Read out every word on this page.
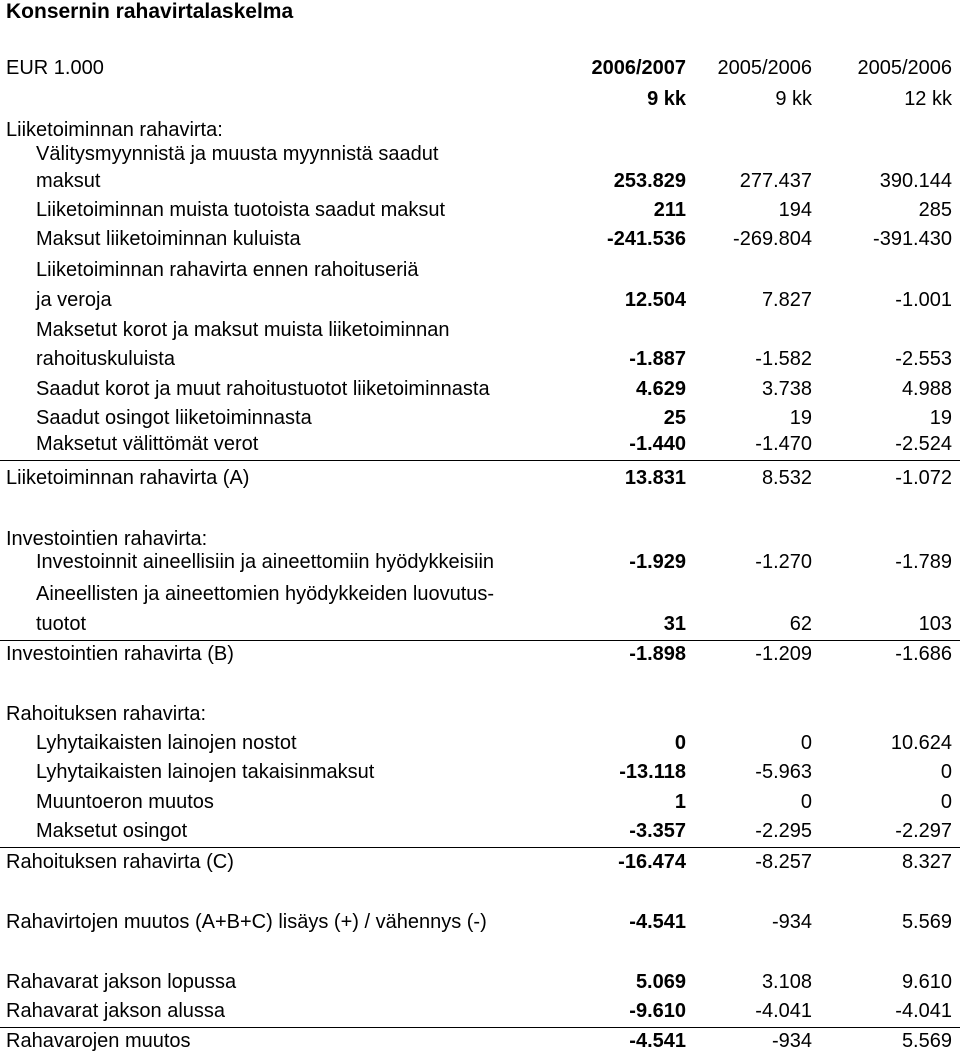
Konsernin rahavirtalaskelma
EUR 1.000	2006/2007 2005/2006 2005/2006
9 kk	9 kk	12 kk
Liiketoiminnan rahavirta:
Välitysmyynnistä ja muusta myynnistä saadut
maksut	253.829	277.437	390.144
Liiketoiminnan muista tuotoista saadut maksut	211	194	285
Maksut liiketoiminnan kuluista	-241.536 -269.804	-391.430
Liiketoiminnan rahavirta ennen rahoituseriä
ja veroja	12.504	7.827	-1.001
Maksetut korot ja maksut muista liiketoiminnan
rahoituskuluista	-1.887	-1.582	-2.553
Saadut korot ja muut rahoitustuotot liiketoiminnasta	4.629	3.738	4.988
Saadut osingot liiketoiminnasta	25	19	19
Maksetut välittömät verot	-1.440	-1.470	-2.524
Liiketoiminnan rahavirta (A)	13.831	8.532	-1.072
Investointien rahavirta:
Investoinnit aineellisiin ja aineettomiin hyödykkeisiin	-1.929	-1.270	-1.789
Aineellisten ja aineettomien hyödykkeiden luovutus-
tuotot	31	62	103
Investointien rahavirta (B)	-1.898	-1.209	-1.686
Rahoituksen rahavirta:
Lyhytaikaisten lainojen nostot	0	0	10.624
Lyhytaikaisten lainojen takaisinmaksut	-13.118	-5.963	0
Muuntoeron muutos	1	0	0
Maksetut osingot	-3.357	-2.295	-2.297
Rahoituksen rahavirta (C)	-16.474	-8.257	8.327
Rahavirtojen muutos (A+B+C) lisäys (+) / vähennys (-)	-4.541	-934	5.569
Rahavarat jakson lopussa	5.069	3.108	9.610
Rahavarat jakson alussa	-9.610	-4.041	-4.041
Rahavarojen muutos	-4.541	-934	5.569
